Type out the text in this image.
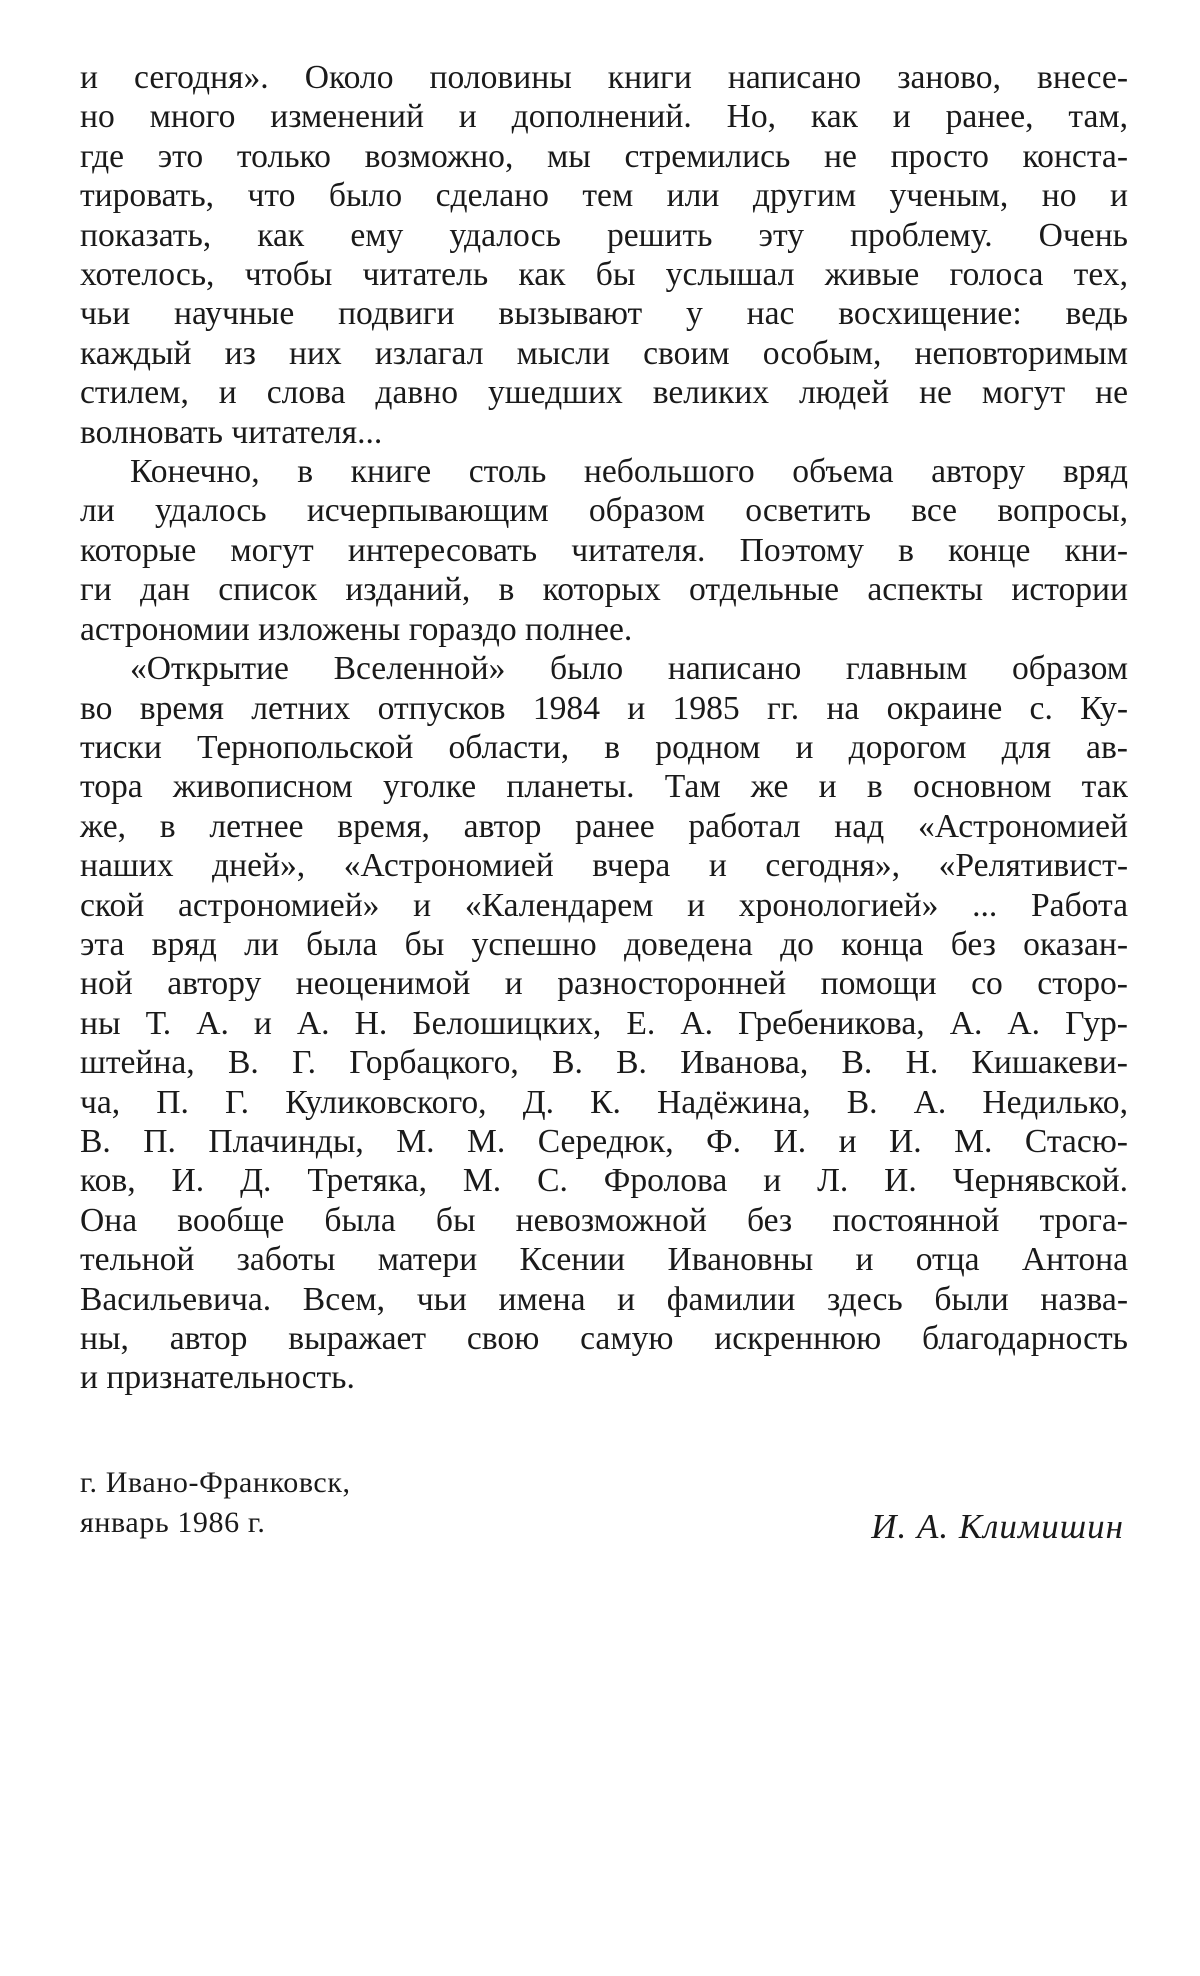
и сегодня». Около половины книги написано заново, внесе-
но много изменений и дополнений. Но, как и ранее, там,
где это только возможно, мы стремились не просто конста-
тировать, что было сделано тем или другим ученым, но и
показать, как ему удалось решить эту проблему. Очень
хотелось, чтобы читатель как бы услышал живые голоса тех,
чьи научные подвиги вызывают у нас восхищение: ведь
каждый из них излагал мысли своим особым, неповторимым
стилем, и слова давно ушедших великих людей не могут не
волновать читателя...

Конечно, в книге столь небольшого объема автору вряд
ли удалось исчерпывающим образом осветить все вопросы,
которые могут интересовать читателя. Поэтому в конце кни-
ги дан список изданий, в которых отдельные аспекты истории
астрономии изложены гораздо полнее.

«Открытие Вселенной» было написано главным образом
во время летних отпусков 1984 и 1985 гг. на окраине с. Ку-
тиски Тернопольской области, в родном и дорогом для ав-
тора живописном уголке планеты. Там же и в основном так
же, в летнее время, автор ранее работал над «Астрономией
наших дней», «Астрономией вчера и сегодня», «Релятивист-
ской астрономией» и «Календарем и хронологией» ... Работа
эта вряд ли была бы успешно доведена до конца без оказан-
ной автору неоценимой и разносторонней помощи со сторо-
ны Т. А. и А. Н. Белошицких, Е. А. Гребеникова, А. А. Гур-
штейна, В. Г. Горбацкого, В. В. Иванова, В. Н. Кишакеви-
ча, П. Г. Куликовского, Д. К. Надёжина, В. А. Недилько,
В. П. Плачинды, М. М. Середюк, Ф. И. и И. М. Стасю-
ков, И. Д. Третяка, М. С. Фролова и Л. И. Чернявской.
Она вообще была бы невозможной без постоянной трога-
тельной заботы матери Ксении Ивановны и отца Антона
Васильевича. Всем, чьи имена и фамилии здесь были назва-
ны, автор выражает свою самую искреннюю благодарность
и признательность.

г. Ивано-Франковск,
январь 1986 г.	И. А. Климишин
